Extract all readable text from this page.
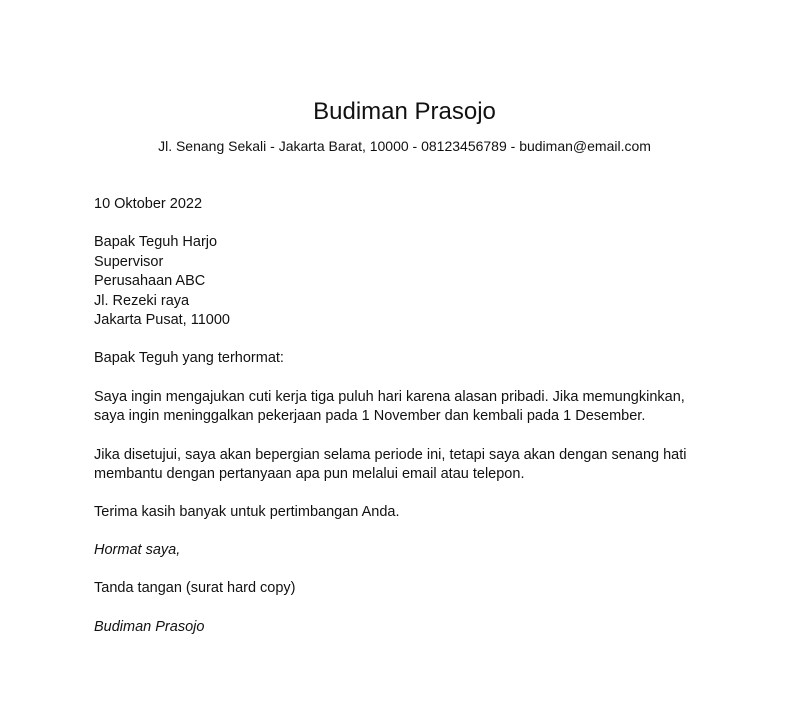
Budiman Prasojo
Jl. Senang Sekali - Jakarta Barat, 10000 - 08123456789 - budiman@email.com
10 Oktober 2022
Bapak Teguh Harjo
Supervisor
Perusahaan ABC
Jl. Rezeki raya
Jakarta Pusat, 11000
Bapak Teguh yang terhormat:
Saya ingin mengajukan cuti kerja tiga puluh hari karena alasan pribadi. Jika memungkinkan,
saya ingin meninggalkan pekerjaan pada 1 November dan kembali pada 1 Desember.
Jika disetujui, saya akan bepergian selama periode ini, tetapi saya akan dengan senang hati
membantu dengan pertanyaan apa pun melalui email atau telepon.
Terima kasih banyak untuk pertimbangan Anda.
Hormat saya,
Tanda tangan (surat hard copy)
Budiman Prasojo
